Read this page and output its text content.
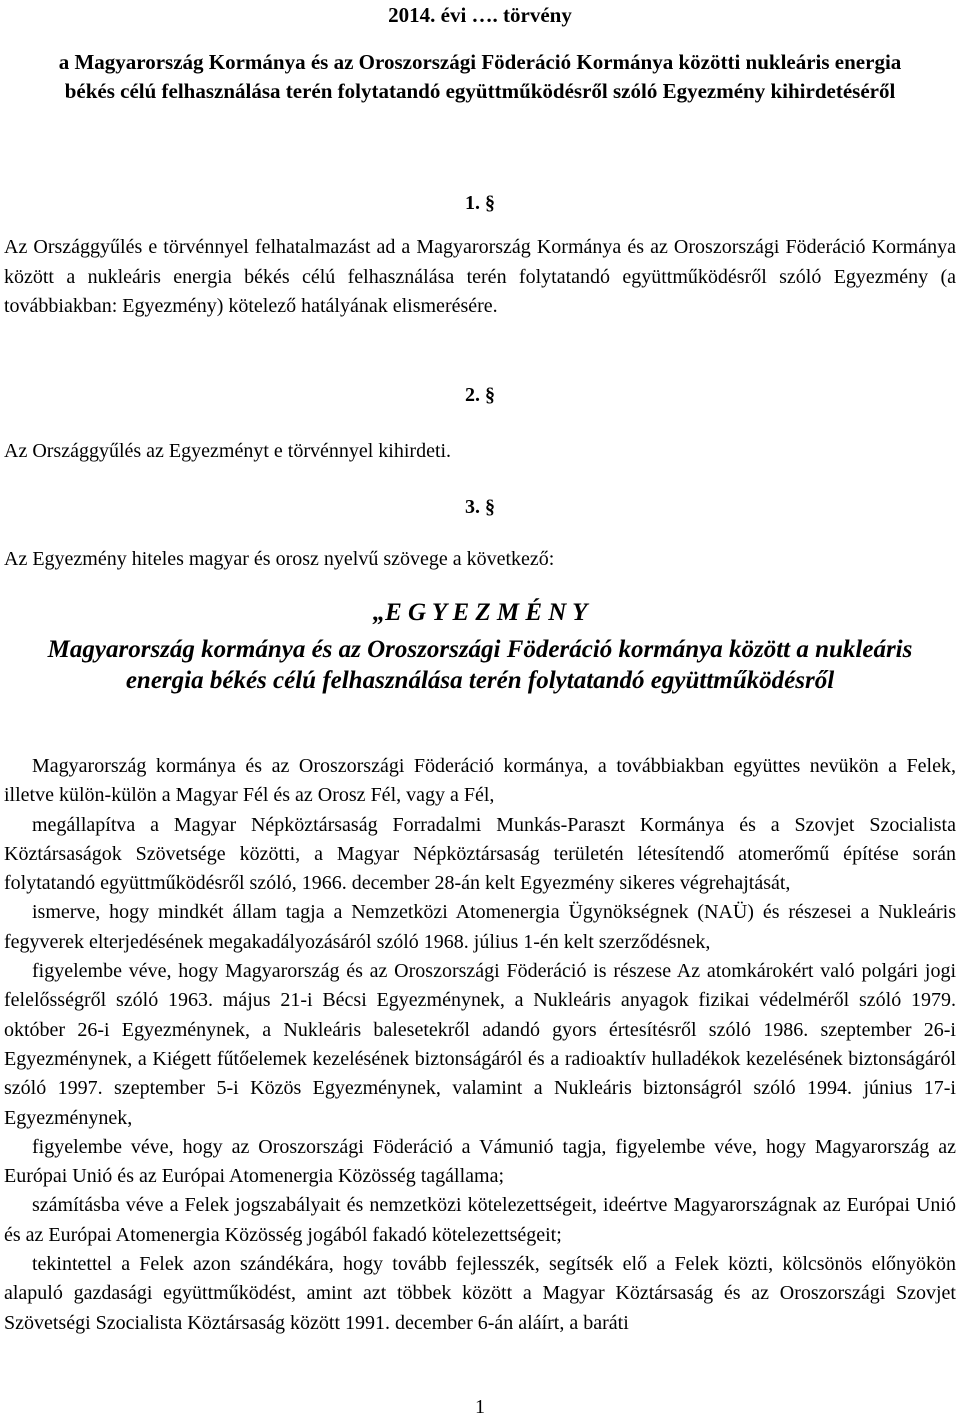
2014. évi …. törvény
a Magyarország Kormánya és az Oroszországi Föderáció Kormánya közötti nukleáris energia békés célú felhasználása terén folytatandó együttműködésről szóló Egyezmény kihirdetéséről
1. §
Az Országgyűlés e törvénnyel felhatalmazást ad a Magyarország Kormánya és az Oroszországi Föderáció Kormánya között a nukleáris energia békés célú felhasználása terén folytatandó együttműködésről szóló Egyezmény (a továbbiakban: Egyezmény) kötelező hatályának elismerésére.
2. §
Az Országgyűlés az Egyezményt e törvénnyel kihirdeti.
3. §
Az Egyezmény hiteles magyar és orosz nyelvű szövege a következő:
„E G Y E Z M É N Y
Magyarország kormánya és az Oroszországi Föderáció kormánya között a nukleáris energia békés célú felhasználása terén folytatandó együttműködésről

Magyarország kormánya és az Oroszországi Föderáció kormánya, a továbbiakban együttes nevükön a Felek, illetve külön-külön a Magyar Fél és az Orosz Fél, vagy a Fél,

megállapítva a Magyar Népköztársaság Forradalmi Munkás-Paraszt Kormánya és a Szovjet Szocialista Köztársaságok Szövetsége közötti, a Magyar Népköztársaság területén létesítendő atomerőmű építése során folytatandó együttműködésről szóló, 1966. december 28-án kelt Egyezmény sikeres végrehajtását,

ismerve, hogy mindkét állam tagja a Nemzetközi Atomenergia Ügynökségnek (NAÜ) és részesei a Nukleáris fegyverek elterjedésének megakadályozásáról szóló 1968. július 1-én kelt szerződésnek,

figyelembe véve, hogy Magyarország és az Oroszországi Föderáció is részese Az atomkárokért való polgári jogi felelősségről szóló 1963. május 21-i Bécsi Egyezménynek, a Nukleáris anyagok fizikai védelméről szóló 1979. október 26-i Egyezménynek, a Nukleáris balesetekről adandó gyors értesítésről szóló 1986. szeptember 26-i Egyezménynek, a Kiégett fűtőelemek kezelésének biztonságáról és a radioaktív hulladékok kezelésének biztonságáról szóló 1997. szeptember 5-i Közös Egyezménynek, valamint a Nukleáris biztonságról szóló 1994. június 17-i Egyezménynek,

figyelembe véve, hogy az Oroszországi Föderáció a Vámunió tagja, figyelembe véve, hogy Magyarország az Európai Unió és az Európai Atomenergia Közösség tagállama;

számításba véve a Felek jogszabályait és nemzetközi kötelezettségeit, ideértve Magyarországnak az Európai Unió és az Európai Atomenergia Közösség jogából fakadó kötelezettségeit;

tekintettel a Felek azon szándékára, hogy tovább fejlesszék, segítsék elő a Felek közti, kölcsönös előnyökön alapuló gazdasági együttműködést, amint azt többek között a Magyar Köztársaság és az Oroszországi Szovjet Szövetségi Szocialista Köztársaság között 1991. december 6-án aláírt, a baráti

1
